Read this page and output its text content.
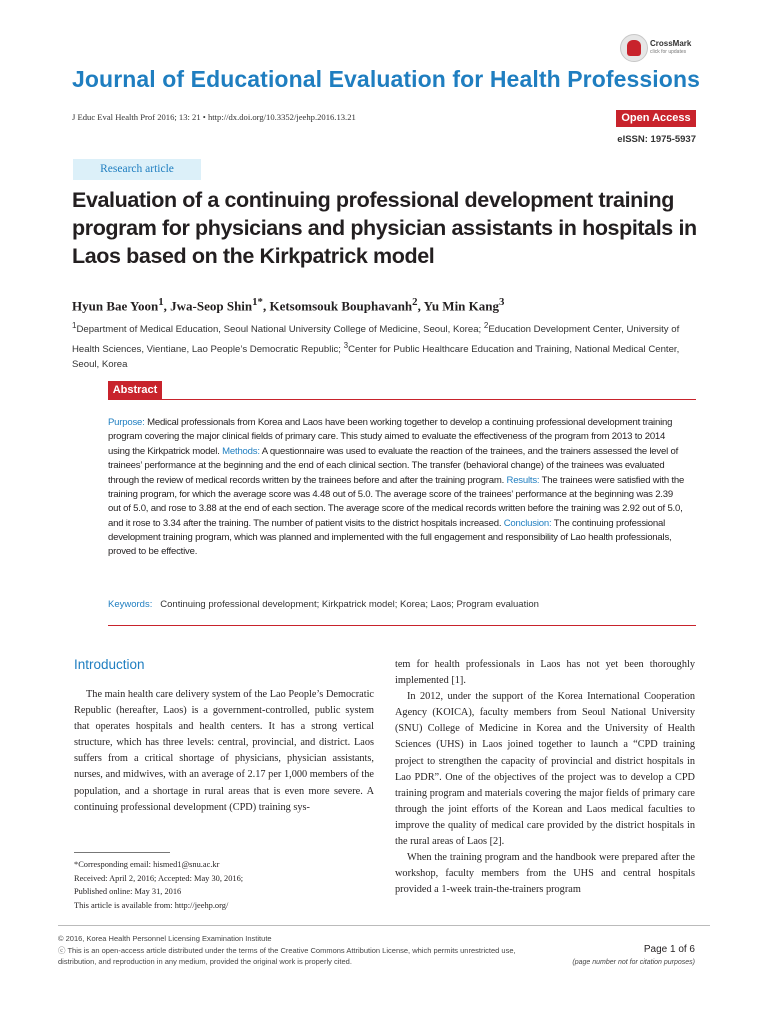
CrossMark
click for updates
Journal of Educational Evaluation for Health Professions
J Educ Eval Health Prof 2016; 13: 21 • http://dx.doi.org/10.3352/jeehp.2016.13.21	Open Access
eISSN: 1975-5937
Research article
Evaluation of a continuing professional development training program for physicians and physician assistants in hospitals in Laos based on the Kirkpatrick model
Hyun Bae Yoon$^1$, Jwa-Seop Shin$^{1*}$, Ketsomsouk Bouphavanh$^2$, Yu Min Kang$^3$
$^1$Department of Medical Education, Seoul National University College of Medicine, Seoul, Korea; $^2$Education Development Center, University of Health Sciences, Vientiane, Lao People’s Democratic Republic; $^3$Center for Public Healthcare Education and Training, National Medical Center, Seoul, Korea
Abstract
Purpose: Medical professionals from Korea and Laos have been working together to develop a continuing professional development training program covering the major clinical fields of primary care. This study aimed to evaluate the effectiveness of the program from 2013 to 2014 using the Kirkpatrick model. Methods: A questionnaire was used to evaluate the reaction of the trainees, and the trainers assessed the level of trainees’ performance at the beginning and the end of each clinical section. The transfer (behavioral change) of the trainees was evaluated through the review of medical records written by the trainees before and after the training program. Results: The trainees were satisfied with the training program, for which the average score was 4.48 out of 5.0. The average score of the trainees’ performance at the beginning was 2.39 out of 5.0, and rose to 3.88 at the end of each section. The average score of the medical records written before the training was 2.92 out of 5.0, and it rose to 3.34 after the training. The number of patient visits to the district hospitals increased. Conclusion: The continuing professional development training program, which was planned and implemented with the full engagement and responsibility of Lao health professionals, proved to be effective.
Keywords: Continuing professional development; Kirkpatrick model; Korea; Laos; Program evaluation
Introduction

The main health care delivery system of the Lao People’s Democratic Republic (hereafter, Laos) is a government-controlled, public system that operates hospitals and health centers. It has a strong vertical structure, which has three levels: central, provincial, and district. Laos suffers from a critical shortage of physicians, physician assistants, nurses, and midwives, with an average of 2.17 per 1,000 members of the population, and a shortage in rural areas that is even more severe. A continuing professional development (CPD) training sys-

tem for health professionals in Laos has not yet been thoroughly implemented [1].

In 2012, under the support of the Korea International Cooperation Agency (KOICA), faculty members from Seoul National University (SNU) College of Medicine in Korea and the University of Health Sciences (UHS) in Laos joined together to launch a “CPD training project to strengthen the capacity of provincial and district hospitals in Lao PDR”. One of the objectives of the project was to develop a CPD training program and materials covering the major fields of primary care through the joint efforts of the Korean and Laos medical faculties to improve the quality of medical care provided by the district hospitals in the rural areas of Laos [2].

When the training program and the handbook were prepared after the workshop, faculty members from the UHS and central hospitals provided a 1-week train-the-trainers program

*Corresponding email: hismed1@snu.ac.kr
Received: April 2, 2016; Accepted: May 30, 2016;
Published online: May 31, 2016
This article is available from: http://jeehp.org/
© 2016, Korea Health Personnel Licensing Examination Institute
ⓒ This is an open-access article distributed under the terms of the Creative Commons Attribution License, which permits unrestricted use, distribution, and reproduction in any medium, provided the original work is properly cited.
Page 1 of 6
(page number not for citation purposes)
